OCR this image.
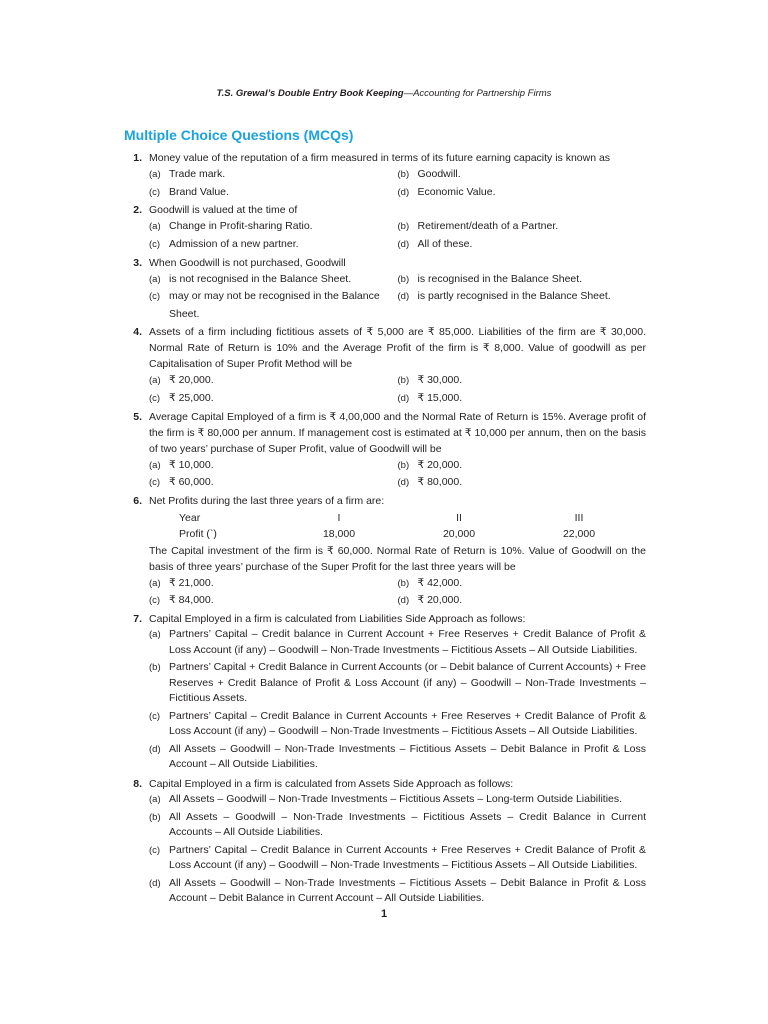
T.S. Grewal’s Double Entry Book Keeping—Accounting for Partnership Firms
Multiple Choice Questions (MCQs)
1. Money value of the reputation of a firm measured in terms of its future earning capacity is known as
(a) Trade mark.	(b) Goodwill.
(c) Brand Value.	(d) Economic Value.
2. Goodwill is valued at the time of
(a) Change in Profit-sharing Ratio.	(b) Retirement/death of a Partner.
(c) Admission of a new partner.	(d) All of these.
3. When Goodwill is not purchased, Goodwill
(a) is not recognised in the Balance Sheet.	(b) is recognised in the Balance Sheet.
(c) may or may not be recognised in the Balance Sheet.
(d) is partly recognised in the Balance Sheet.
4. Assets of a firm including fictitious assets of ₹ 5,000 are ₹ 85,000. Liabilities of the firm are ₹ 30,000. Normal Rate of Return is 10% and the Average Profit of the firm is ₹ 8,000. Value of goodwill as per Capitalisation of Super Profit Method will be
(a) ₹ 20,000.	(b) ₹ 30,000.
(c) ₹ 25,000.	(d) ₹ 15,000.
5. Average Capital Employed of a firm is ₹ 4,00,000 and the Normal Rate of Return is 15%. Average profit of the firm is ₹ 80,000 per annum. If management cost is estimated at ₹ 10,000 per annum, then on the basis of two years’ purchase of Super Profit, value of Goodwill will be
(a) ₹ 10,000.	(b) ₹ 20,000.
(c) ₹ 60,000.	(d) ₹ 80,000.
6. Net Profits during the last three years of a firm are:
Year	I	II	III
Profit (`)	18,000	20,000	22,000
The Capital investment of the firm is ₹ 60,000. Normal Rate of Return is 10%. Value of Goodwill on the basis of three years’ purchase of the Super Profit for the last three years will be
(a) ₹ 21,000.	(b) ₹ 42,000.
(c) ₹ 84,000.	(d) ₹ 20,000.
7. Capital Employed in a firm is calculated from Liabilities Side Approach as follows:
(a) Partners’ Capital – Credit balance in Current Account + Free Reserves + Credit Balance of Profit & Loss Account (if any) – Goodwill – Non-Trade Investments – Fictitious Assets – All Outside Liabilities.
(b) Partners’ Capital + Credit Balance in Current Accounts (or – Debit balance of Current Accounts) + Free Reserves + Credit Balance of Profit & Loss Account (if any) – Goodwill – Non-Trade Investments – Fictitious Assets.
(c) Partners’ Capital – Credit Balance in Current Accounts + Free Reserves + Credit Balance of Profit & Loss Account (if any) – Goodwill – Non-Trade Investments – Fictitious Assets – All Outside Liabilities.
(d) All Assets – Goodwill – Non-Trade Investments – Fictitious Assets – Debit Balance in Profit & Loss Account – All Outside Liabilities.
8. Capital Employed in a firm is calculated from Assets Side Approach as follows:
(a) All Assets – Goodwill – Non-Trade Investments – Fictitious Assets – Long-term Outside Liabilities.
(b) All Assets – Goodwill – Non-Trade Investments – Fictitious Assets – Credit Balance in Current Accounts – All Outside Liabilities.
(c) Partners’ Capital – Credit Balance in Current Accounts + Free Reserves + Credit Balance of Profit & Loss Account (if any) – Goodwill – Non-Trade Investments – Fictitious Assets – All Outside Liabilities.
(d) All Assets – Goodwill – Non-Trade Investments – Fictitious Assets – Debit Balance in Profit & Loss Account – Debit Balance in Current Account – All Outside Liabilities.
1
